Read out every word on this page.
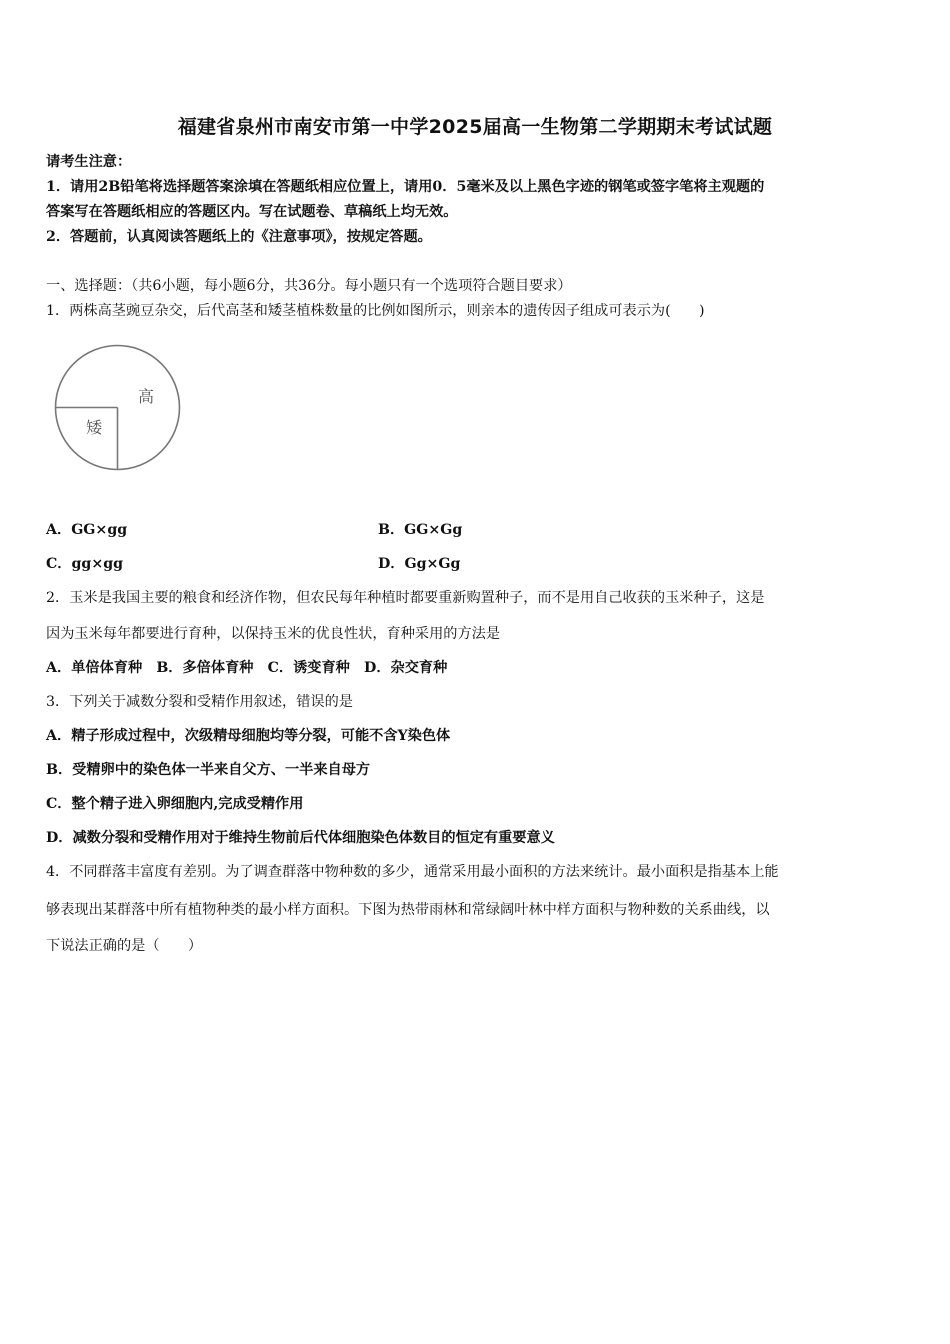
福建省泉州市南安市第一中学2025届高一生物第二学期期末考试试题
请考生注意：
1．请用2B铅笔将选择题答案涂填在答题纸相应位置上，请用0．5毫米及以上黑色字迹的钢笔或签字笔将主观题的
答案写在答题纸相应的答题区内。写在试题卷、草稿纸上均无效。
2．答题前，认真阅读答题纸上的《注意事项》，按规定答题。
一、选择题：（共6小题，每小题6分，共36分。每小题只有一个选项符合题目要求）
1．两株高茎豌豆杂交，后代高茎和矮茎植株数量的比例如图所示，则亲本的遗传因子组成可表示为(　　)
高
矮
A．GG×gg	B．GG×Gg
C．gg×gg	D．Gg×Gg
2．玉米是我国主要的粮食和经济作物，但农民每年种植时都要重新购置种子，而不是用自己收获的玉米种子，这是
因为玉米每年都要进行育种，以保持玉米的优良性状，育种采用的方法是
A．单倍体育种　B．多倍体育种　C．诱变育种　D．杂交育种
3．下列关于减数分裂和受精作用叙述，错误的是
A．精子形成过程中，次级精母细胞均等分裂，可能不含Y染色体
B．受精卵中的染色体一半来自父方、一半来自母方
C．整个精子进入卵细胞内,完成受精作用
D．减数分裂和受精作用对于维持生物前后代体细胞染色体数目的恒定有重要意义
4．不同群落丰富度有差别。为了调查群落中物种数的多少，通常采用最小面积的方法来统计。最小面积是指基本上能
够表现出某群落中所有植物种类的最小样方面积。下图为热带雨林和常绿阔叶林中样方面积与物种数的关系曲线，以
下说法正确的是（　　）
